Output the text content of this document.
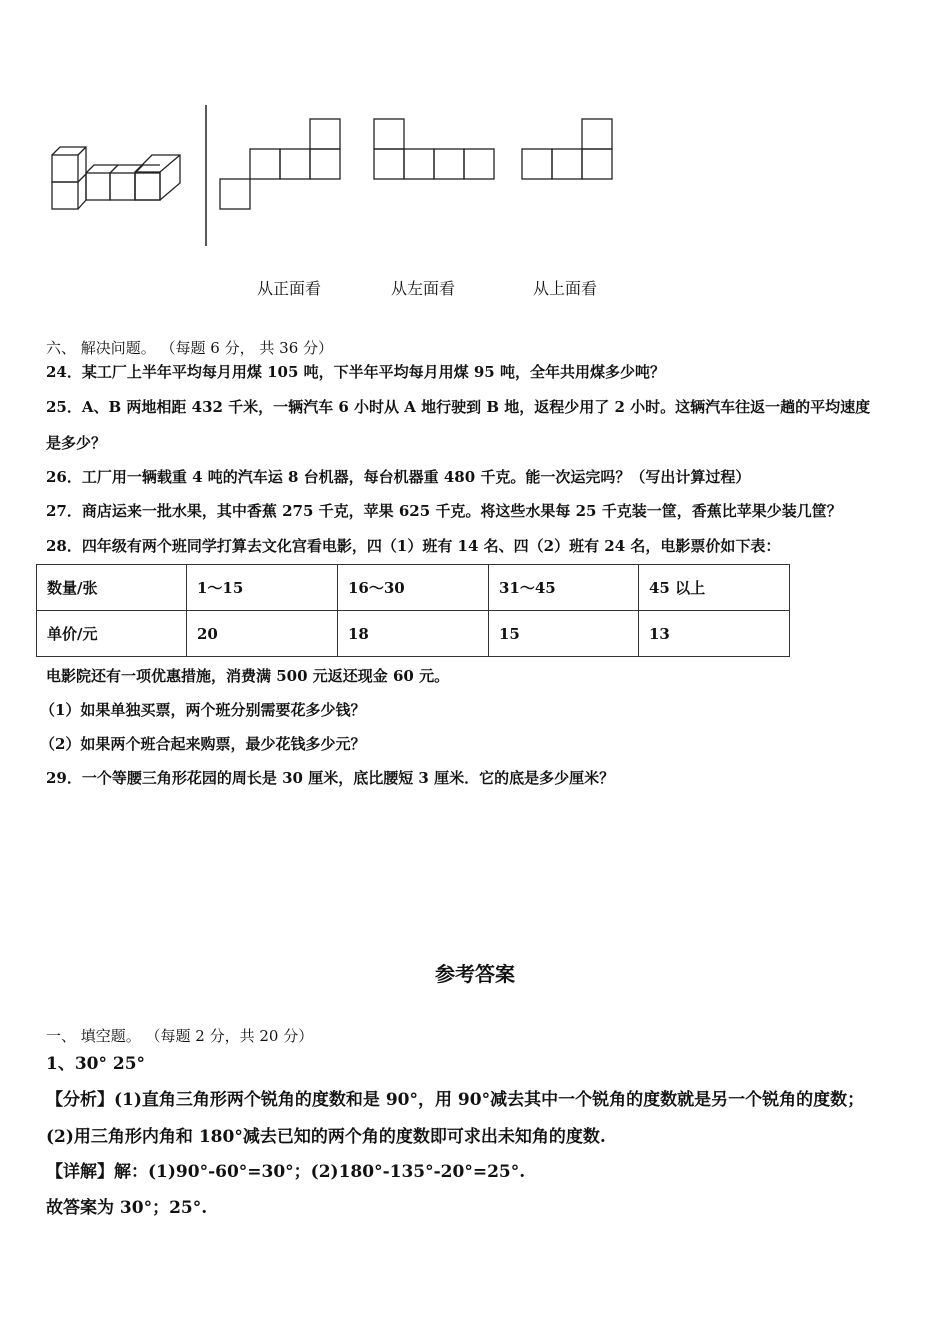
从正面看	从左面看	从上面看
六、 解决问题。 （每题 6 分， 共 36 分）
24．某工厂上半年平均每月用煤 105 吨，下半年平均每月用煤 95 吨，全年共用煤多少吨？
25．A、B 两地相距 432 千米，一辆汽车 6 小时从 A 地行驶到 B 地，返程少用了 2 小时。这辆汽车往返一趟的平均速度
是多少？
26．工厂用一辆载重 4 吨的汽车运 8 台机器，每台机器重 480 千克。能一次运完吗？（写出计算过程）
27．商店运来一批水果，其中香蕉 275 千克，苹果 625 千克。将这些水果每 25 千克装一筐，香蕉比苹果少装几筐？
28．四年级有两个班同学打算去文化宫看电影，四（1）班有 14 名、四（2）班有 24 名，电影票价如下表：
数量/张	1～15	16～30	31～45	45 以上
单价/元	20	18	15	13
电影院还有一项优惠措施，消费满 500 元返还现金 60 元。
（1）如果单独买票，两个班分别需要花多少钱？
（2）如果两个班合起来购票，最少花钱多少元？
29．一个等腰三角形花园的周长是 30 厘米，底比腰短 3 厘米．它的底是多少厘米？
参考答案
一、 填空题。 （每题 2 分，共 20 分）
1、30° 25°
【分析】(1)直角三角形两个锐角的度数和是 90°，用 90°减去其中一个锐角的度数就是另一个锐角的度数；
(2)用三角形内角和 180°减去已知的两个角的度数即可求出未知角的度数.
【详解】解：(1)90°-60°=30°；(2)180°-135°-20°=25°.
故答案为 30°；25°.
